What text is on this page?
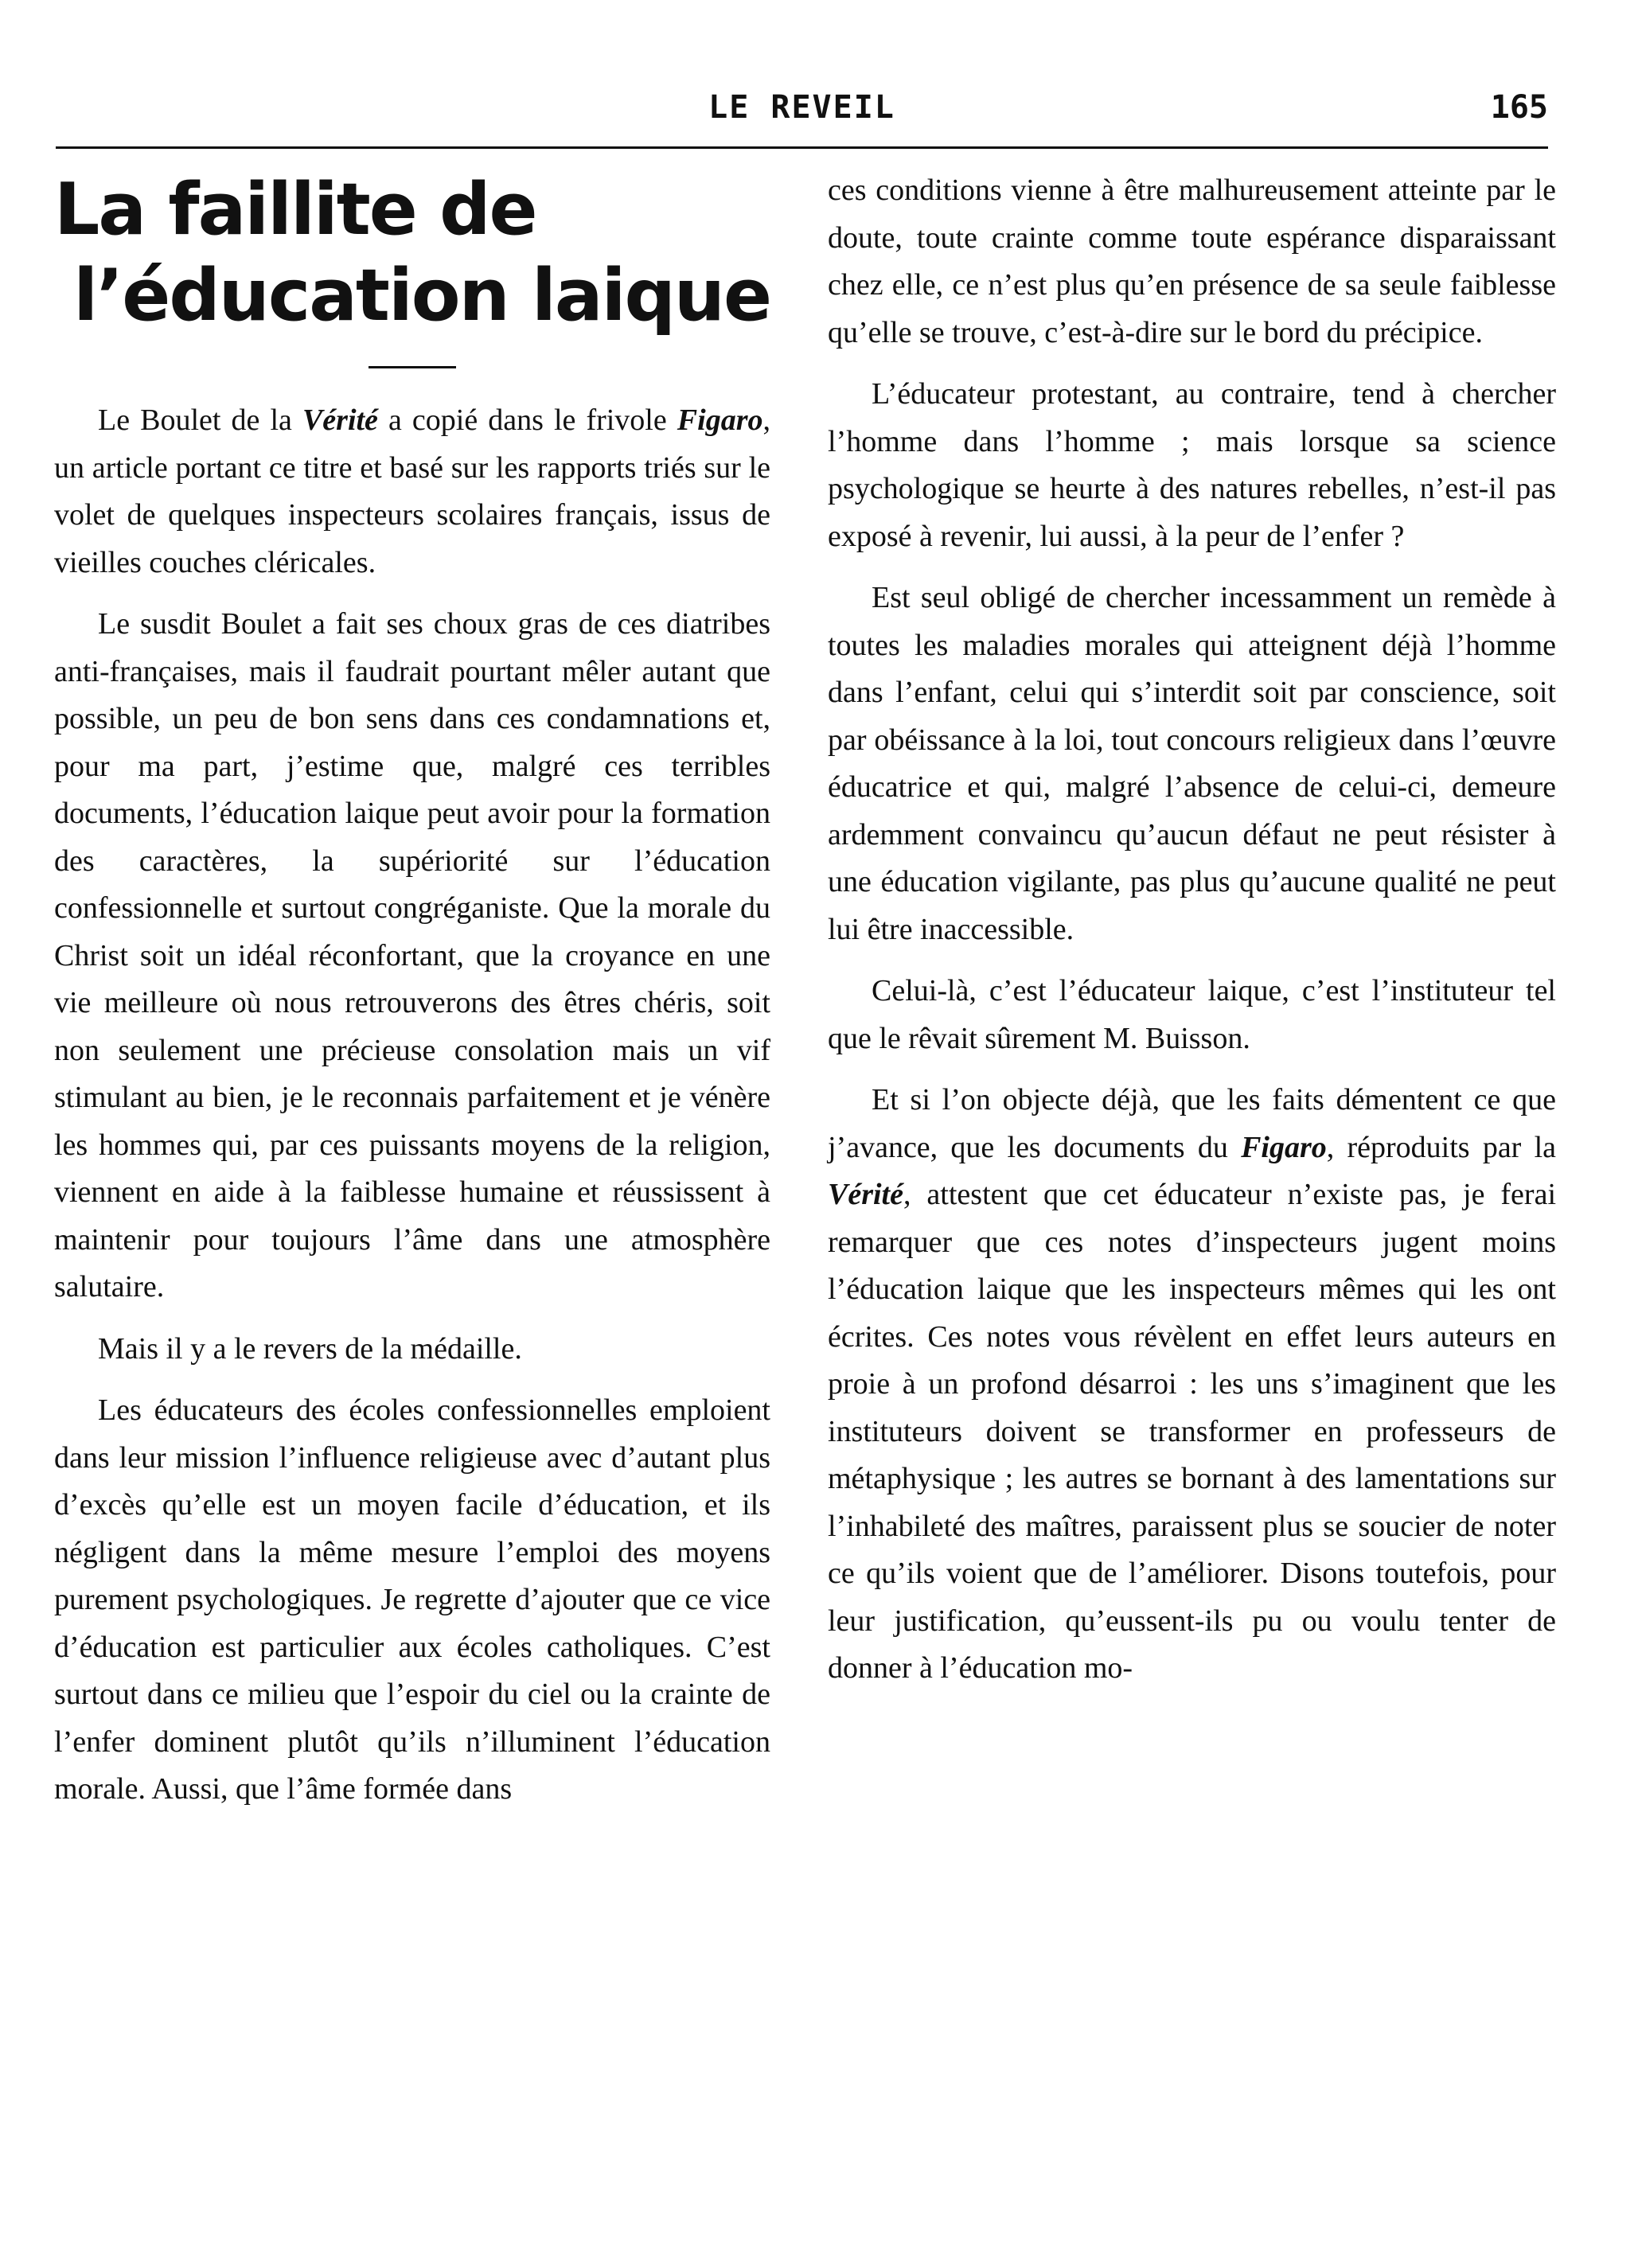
LE REVEIL	165
La faillite de
l’éducation laique

Le Boulet de la Vérité a copié dans le frivole Figaro, un article portant ce titre et basé sur les rapports triés sur le volet de quelques inspecteurs scolaires français, issus de vieilles couches cléricales.

Le susdit Boulet a fait ses choux gras de ces diatribes anti-françaises, mais il faudrait pourtant mêler autant que possible, un peu de bon sens dans ces condamnations et, pour ma part, j’estime que, malgré ces terribles documents, l’éducation laique peut avoir pour la formation des caractères, la supériorité sur l’éducation confessionnelle et surtout congréganiste. Que la morale du Christ soit un idéal réconfortant, que la croyance en une vie meilleure où nous retrouverons des êtres chéris, soit non seulement une précieuse consolation mais un vif stimulant au bien, je le reconnais parfaitement et je vénère les hommes qui, par ces puissants moyens de la religion, viennent en aide à la faiblesse humaine et réussissent à maintenir pour toujours l’âme dans une atmosphère salutaire.

Mais il y a le revers de la médaille.

Les éducateurs des écoles confessionnelles emploient dans leur mission l’influence religieuse avec d’autant plus d’excès qu’elle est un moyen facile d’éducation, et ils négligent dans la même mesure l’emploi des moyens purement psychologiques. Je regrette d’ajouter que ce vice d’éducation est particulier aux écoles catholiques. C’est surtout dans ce milieu que l’espoir du ciel ou la crainte de l’enfer dominent plutôt qu’ils n’illuminent l’éducation morale. Aussi, que l’âme formée dans

ces conditions vienne à être malhureusement atteinte par le doute, toute crainte comme toute espérance disparaissant chez elle, ce n’est plus qu’en présence de sa seule faiblesse qu’elle se trouve, c’est-à-dire sur le bord du précipice.

L’éducateur protestant, au contraire, tend à chercher l’homme dans l’homme ; mais lorsque sa science psychologique se heurte à des natures rebelles, n’est-il pas exposé à revenir, lui aussi, à la peur de l’enfer ?

Est seul obligé de chercher incessamment un remède à toutes les maladies morales qui atteignent déjà l’homme dans l’enfant, celui qui s’interdit soit par conscience, soit par obéissance à la loi, tout concours religieux dans l’œuvre éducatrice et qui, malgré l’absence de celui-ci, demeure ardemment convaincu qu’aucun défaut ne peut résister à une éducation vigilante, pas plus qu’aucune qualité ne peut lui être inaccessible.

Celui-là, c’est l’éducateur laique, c’est l’instituteur tel que le rêvait sûrement M. Buisson.

Et si l’on objecte déjà, que les faits démentent ce que j’avance, que les documents du Figaro, réproduits par la Vérité, attestent que cet éducateur n’existe pas, je ferai remarquer que ces notes d’inspecteurs jugent moins l’éducation laique que les inspecteurs mêmes qui les ont écrites. Ces notes vous révèlent en effet leurs auteurs en proie à un profond désarroi : les uns s’imaginent que les instituteurs doivent se transformer en professeurs de métaphysique ; les autres se bornant à des lamentations sur l’inhabileté des maîtres, paraissent plus se soucier de noter ce qu’ils voient que de l’améliorer. Disons toutefois, pour leur justification, qu’eussent-ils pu ou voulu tenter de donner à l’éducation mo-
